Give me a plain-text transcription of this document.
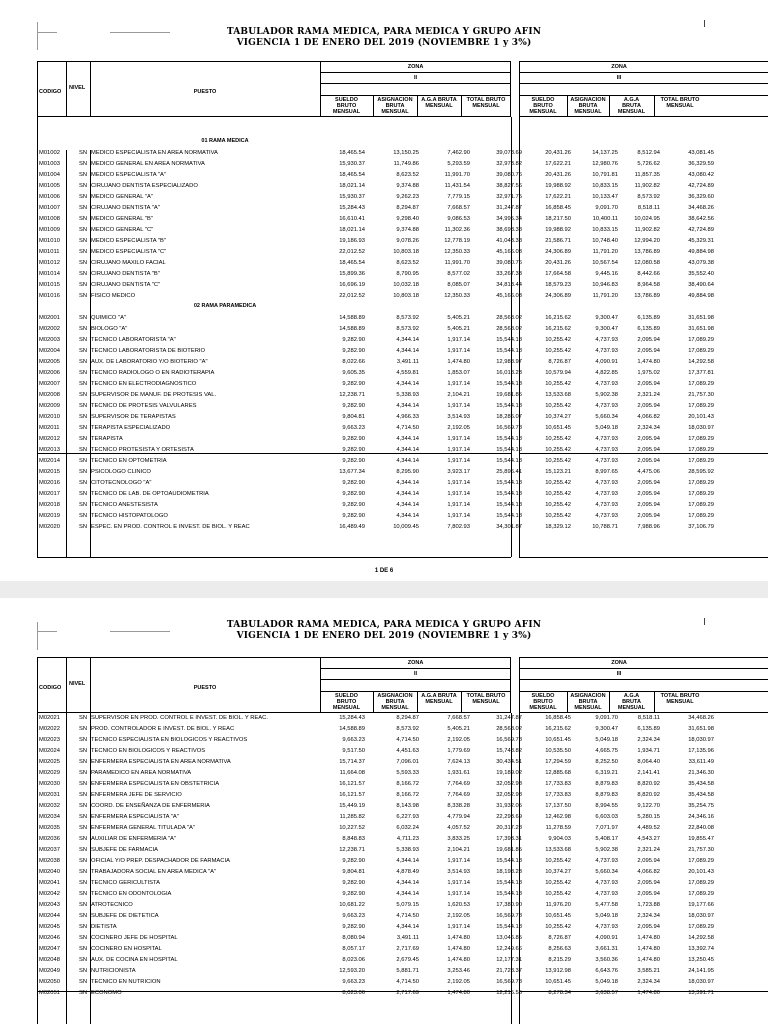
TABULADOR RAMA MEDICA, PARA MEDICA Y GRUPO AFIN
VIGENCIA 1 DE ENERO DEL 2019 (NOVIEMBRE 1 y 3%)
CODIGO
NIVEL
PUESTO
ZONA
II
ZONA
III
SUELDO
BRUTO
MENSUAL
ASIGNACION
BRUTA
MENSUAL
A.G.A BRUTA
MENSUAL
TOTAL BRUTO
MENSUAL
SUELDO
BRUTO
MENSUAL
ASIGNACION
BRUTA
MENSUAL
A.G.A
BRUTA
MENSUAL
TOTAL BRUTO
MENSUAL
01 RAMA MEDICA
M01002	SN MEDICO ESPECIALISTA EN AREA NORMATIVA	18,465.54	13,150.25	7,462.90	39,078.69	20,431.26	14,137.25	8,512.94	43,081.45
M01003	SN MEDICO GENERAL EN AREA NORMATIVA	15,930.37	11,749.86	5,293.59	32,973.82	17,622.21	12,980.76	5,726.62	36,329.59
M01004	SN MEDICO ESPECIALISTA "A"	18,465.54	8,623.52	11,991.70	39,080.76	20,431.26	10,791.81	11,857.35	43,080.42
M01005	SN CIRUJANO DENTISTA ESPECIALIZADO	18,021.14	9,374.88	11,431.54	38,827.56	19,988.92	10,833.15	11,902.82	42,724.89
M01006	SN MEDICO GENERAL "A"	15,930.37	9,262.23	7,779.15	32,971.75	17,622.21	10,133.47	8,573.92	36,329.60
M01007	SN CIRUJANO DENTISTA "A"	15,284.43	8,294.87	7,668.57	31,247.87	16,858.45	9,091.70	8,518.11	34,468.26
M01008	SN MEDICO GENERAL "B"	16,610.41	9,298.40	9,086.53	34,995.34	18,217.50	10,400.11	10,024.95	38,642.56
M01009	SN MEDICO GENERAL "C"	18,021.14	9,374.88	11,302.36	38,698.38	19,988.92	10,833.15	11,902.82	42,724.89
M01010	SN MEDICO ESPECIALISTA "B"	19,186.93	9,078.26	12,778.19	41,043.38	21,586.71	10,748.40	12,994.20	45,329.31
M01011	SN MEDICO ESPECIALISTA "C"	22,012.52	10,803.18	12,350.33	45,166.03	24,306.89	11,791.20	13,786.89	49,884.98
M01012	SN CIRUJANO MAXILO FACIAL	18,465.54	8,623.52	11,991.70	39,080.76	20,431.26	10,567.54	12,080.58	43,079.38
M01014	SN CIRUJANO DENTISTA "B"	15,899.36	8,790.95	8,577.02	33,267.33	17,664.58	9,445.16	8,442.66	35,552.40
M01015	SN CIRUJANO DENTISTA "C"	16,696.19	10,032.18	8,085.07	34,813.44	18,579.23	10,946.83	8,964.58	38,490.64
M01016	SN FISICO MEDICO	22,012.52	10,803.18	12,350.33	45,166.03	24,306.89	11,791.20	13,786.89	49,884.98
02 RAMA PARAMEDICA
M02001	SN QUIMICO "A"	14,588.89	8,573.92	5,405.21	28,568.02	16,215.62	9,300.47	6,135.89	31,651.98
M02002	SN BIOLOGO "A"	14,588.89	8,573.92	5,405.21	28,568.02	16,215.62	9,300.47	6,135.89	31,651.98
M02003	SN TECNICO LABORATORISTA "A"	9,282.90	4,344.14	1,917.14	15,544.18	10,255.42	4,737.93	2,095.94	17,089.29
M02004	SN TECNICO LABORATORISTA DE BIOTERIO	9,282.90	4,344.14	1,917.14	15,544.18	10,255.42	4,737.93	2,095.94	17,089.29
M02005	SN AUX. DE LABORATORIO Y/O BIOTERIO "A"	8,022.66	3,491.11	1,474.80	12,988.97	8,726.87	4,090.91	1,474.80	14,292.58
M02006	SN TECNICO RADIOLOGO O EN RADIOTERAPIA	9,605.35	4,559.81	1,853.07	16,018.23	10,579.94	4,822.85	1,975.02	17,377.81
M02007	SN TECNICO EN ELECTRODIAGNOSTICO	9,282.90	4,344.14	1,917.14	15,544.18	10,255.42	4,737.93	2,095.94	17,089.29
M02008	SN SUPERVISOR DE MANUF. DE PROTESIS VAL.	12,238.71	5,338.93	2,104.21	19,681.85	13,533.68	5,902.38	2,321.24	21,757.30
M02009	SN TECNICO DE PROTESIS VALVULARES	9,282.90	4,344.14	1,917.14	15,544.18	10,255.42	4,737.93	2,095.94	17,089.29
M02010	SN SUPERVISOR DE TERAPISTAS	9,804.81	4,966.33	3,514.93	18,286.07	10,374.27	5,660.34	4,066.82	20,101.43
M02011	SN TERAPISTA ESPECIALIZADO	9,663.23	4,714.50	2,192.05	16,569.78	10,651.45	5,049.18	2,324.34	18,030.97
M02012	SN TERAPISTA	9,282.90	4,344.14	1,917.14	15,544.18	10,255.42	4,737.93	2,095.94	17,089.29
M02013	SN TECNICO PROTESISTA Y ORTESISTA	9,282.90	4,344.14	1,917.14	15,544.18	10,255.42	4,737.93	2,095.94	17,089.29
M02014	SN TECNICO EN OPTOMETRIA	9,282.90	4,344.14	1,917.14	15,544.18	10,255.42	4,737.93	2,095.94	17,089.29
M02015	SN PSICOLOGO CLINICO	13,677.34	8,295.90	3,923.17	25,896.41	15,123.21	8,997.65	4,475.06	28,595.92
M02016	SN CITOTECNOLOGO "A"	9,282.90	4,344.14	1,917.14	15,544.18	10,255.42	4,737.93	2,095.94	17,089.29
M02017	SN TECNICO DE LAB. DE OPTOAUDIOMETRIA	9,282.90	4,344.14	1,917.14	15,544.18	10,255.42	4,737.93	2,095.94	17,089.29
M02018	SN TECNICO ANESTESISTA	9,282.90	4,344.14	1,917.14	15,544.18	10,255.42	4,737.93	2,095.94	17,089.29
M02019	SN TECNICO HISTOPATOLOGO	9,282.90	4,344.14	1,917.14	15,544.18	10,255.42	4,737.93	2,095.94	17,089.29
M02020	SN ESPEC. EN PROD. CONTROL E INVEST. DE BIOL. Y REAC	16,489.49	10,009.45	7,802.93	34,301.87	18,329.12	10,788.71	7,988.96	37,106.79
1 DE 6
TABULADOR RAMA MEDICA, PARA MEDICA Y GRUPO AFIN
VIGENCIA 1 DE ENERO DEL 2019 (NOVIEMBRE 1 y 3%)
CODIGO
NIVEL
PUESTO
ZONA
II
ZONA
III
SUELDO
BRUTO
MENSUAL
ASIGNACION
BRUTA
MENSUAL
A.G.A BRUTA
MENSUAL
TOTAL BRUTO
MENSUAL
SUELDO
BRUTO
MENSUAL
ASIGNACION
BRUTA
MENSUAL
A.G.A
BRUTA
MENSUAL
TOTAL BRUTO
MENSUAL
M02021	SN SUPERVISOR EN PROD. CONTROL E INVEST. DE BIOL. Y REAC.	15,284.43	8,294.87	7,668.57	31,247.87	16,858.45	9,091.70	8,518.11	34,468.26
M02022	SN PROD. CONTROLADOR E INVEST. DE BIOL. Y REAC	14,588.89	8,573.92	5,405.21	28,568.02	16,215.62	9,300.47	6,135.89	31,651.98
M02023	SN TECNICO ESPECIALISTA EN BIOLOGICOS Y REACTIVOS	9,663.23	4,714.50	2,192.05	16,569.78	10,651.45	5,049.18	2,324.34	18,030.97
M02024	SN TECNICO EN BIOLOGICOS Y REACTIVOS	9,517.50	4,451.63	1,779.69	15,748.82	10,535.50	4,665.75	1,934.71	17,135.96
M02025	SN ENFERMERA ESPECIALISTA EN AREA NORMATIVA	15,714.37	7,096.01	7,624.13	30,434.51	17,294.59	8,252.50	8,064.40	33,611.49
M02029	SN PARAMEDICO EN AREA NORMATIVA	11,664.08	5,593.33	1,931.61	19,189.02	12,885.68	6,319.21	2,141.41	21,346.30
M02030	SN ENFERMERA ESPECIALISTA EN OBSTETRICIA	16,121.57	8,166.72	7,764.69	32,052.98	17,733.83	8,879.83	8,820.92	35,434.58
M02031	SN ENFERMERA JEFE DE SERVICIO	16,121.57	8,166.72	7,764.69	32,052.98	17,733.83	8,879.83	8,820.92	35,434.58
M02032	SN COORD. DE ENSEÑANZA DE ENFERMERIA	15,449.19	8,143.98	8,338.28	31,932.05	17,137.50	8,994.55	9,122.70	35,254.75
M02034	SN ENFERMERA ESPECIALISTA "A"	11,285.82	6,227.93	4,779.94	22,293.69	12,462.98	6,603.03	5,280.15	24,346.16
M02035	SN ENFERMERA GENERAL TITULADA "A"	10,227.52	6,032.24	4,057.52	20,317.28	11,278.59	7,071.97	4,489.52	22,840.08
M02036	SN AUXILIAR DE ENFERMERIA "A"	8,848.83	4,711.23	3,833.25	17,393.31	9,904.03	5,408.17	4,543.27	19,855.47
M02037	SN SUBJEFE DE FARMACIA	12,238.71	5,338.93	2,104.21	19,681.85	13,533.68	5,902.38	2,321.24	21,757.30
M02038	SN OFICIAL Y/O PREP. DESPACHADOR DE FARMACIA	9,282.90	4,344.14	1,917.14	15,544.18	10,255.42	4,737.93	2,095.94	17,089.29
M02040	SN TRABAJADORA SOCIAL EN AREA MEDICA "A"	9,804.81	4,878.49	3,514.93	18,198.23	10,374.27	5,660.34	4,066.82	20,101.43
M02041	SN TECNICO GERICULTISTA	9,282.90	4,344.14	1,917.14	15,544.18	10,255.42	4,737.93	2,095.94	17,089.29
M02042	SN TECNICO EN ODONTOLOGIA	9,282.90	4,344.14	1,917.14	15,544.18	10,255.42	4,737.93	2,095.94	17,089.29
M02043	SN ATROTECNICO	10,681.22	5,079.15	1,620.53	17,380.90	11,976.20	5,477.58	1,723.88	19,177.66
M02044	SN SUBJEFE DE DIETETICA	9,663.23	4,714.50	2,192.05	16,569.78	10,651.45	5,049.18	2,324.34	18,030.97
M02045	SN DIETISTA	9,282.90	4,344.14	1,917.14	15,544.18	10,255.42	4,737.93	2,095.94	17,089.29
M02046	SN COCINERO JEFE DE HOSPITAL	8,080.94	3,491.11	1,474.80	13,046.85	8,726.87	4,090.91	1,474.80	14,292.58
M02047	SN COCINERO EN HOSPITAL	8,057.17	2,717.69	1,474.80	12,249.66	8,256.63	3,661.31	1,474.80	13,392.74
M02048	SN AUX. DE COCINA EN HOSPITAL	8,023.06	2,679.45	1,474.80	12,177.31	8,215.29	3,560.36	1,474.80	13,250.45
M02049	SN NUTRICIONISTA	12,593.20	5,881.71	3,253.46	21,728.37	13,912.98	6,643.76	3,585.21	24,141.95
M02050	SN TECNICO EN NUTRICION	9,663.23	4,714.50	2,192.05	16,569.78	10,651.45	5,049.18	2,324.34	18,030.97
M02051	SN ECONOMO	8,023.06	2,717.69	1,474.80	12,215.55	8,278.34	3,638.57	1,474.80	13,391.71
